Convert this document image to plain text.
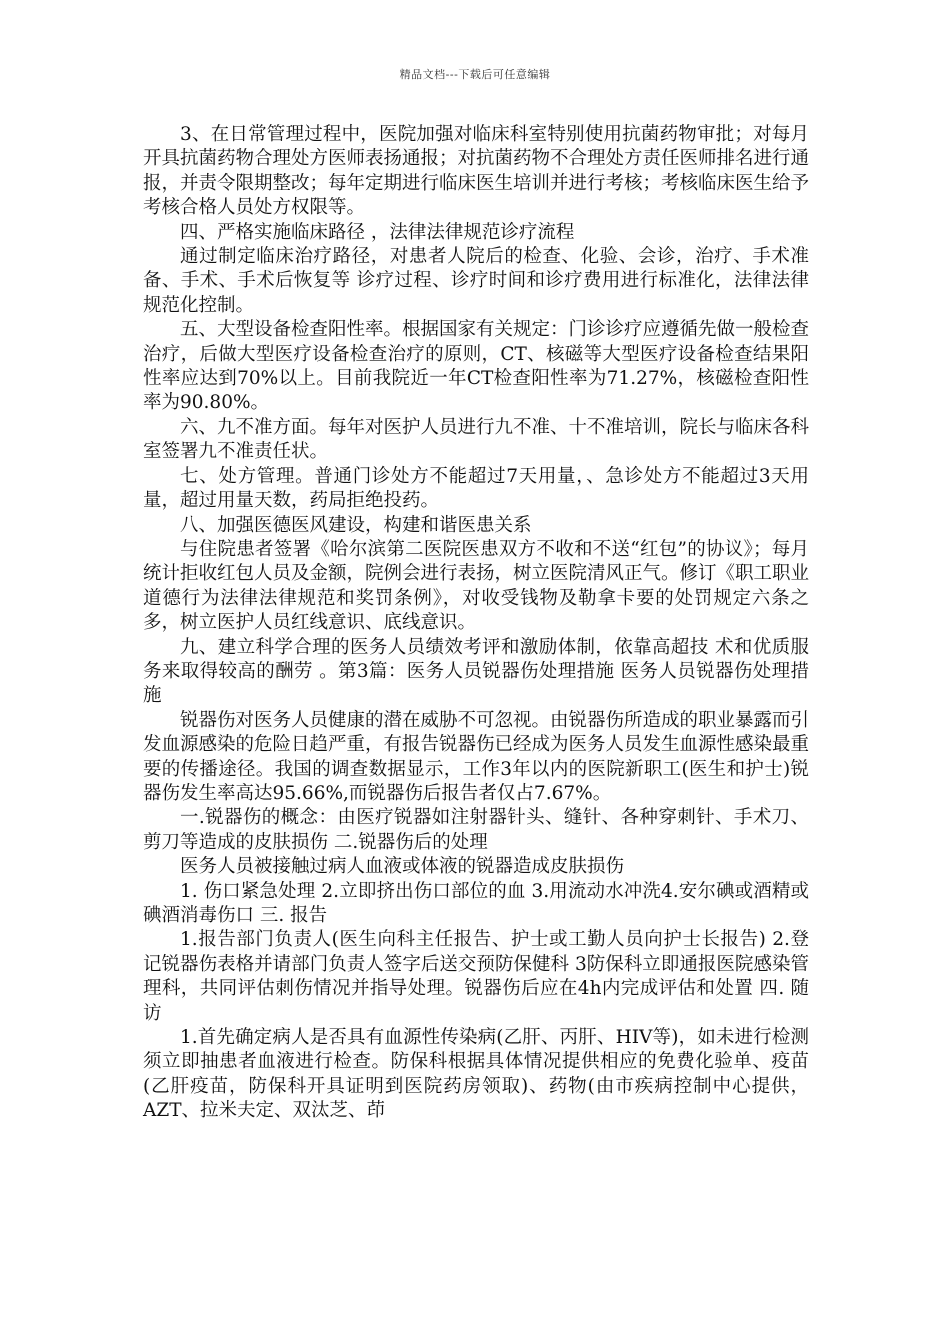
精品文档---下载后可任意编辑

3、在日常管理过程中，医院加强对临床科室特别使用抗菌药物审批；对每月开具抗菌药物合理处方医师表扬通报；对抗菌药物不合理处方责任医师排名进行通报，并责令限期整改；每年定期进行临床医生培训并进行考核；考核临床医生给予考核合格人员处方权限等。

四、严格实施临床路径 ，法律法律规范诊疗流程

通过制定临床治疗路径，对患者人院后的检查、化验、会诊，治疗、手术准备、手术、手术后恢复等 诊疗过程、诊疗时间和诊疗费用进行标准化，法律法律规范化控制。

五、大型设备检查阳性率。根据国家有关规定：门诊诊疗应遵循先做一般检查治疗，后做大型医疗设备检查治疗的原则，CT、核磁等大型医疗设备检查结果阳性率应达到70%以上。目前我院近一年CT检查阳性率为71.27%，核磁检查阳性率为90.80%。

六、九不准方面。每年对医护人员进行九不准、十不准培训，院长与临床各科室签署九不准责任状。

七、处方管理。普通门诊处方不能超过7天用量，、急诊处方不能超过3天用量，超过用量天数，药局拒绝投药。

八、加强医德医风建设，构建和谐医患关系

与住院患者签署《哈尔滨第二医院医患双方不收和不送“红包”的协议》；每月统计拒收红包人员及金额，院例会进行表扬，树立医院清风正气。修订《职工职业道德行为法律法律规范和奖罚条例》，对收受钱物及勒拿卡要的处罚规定六条之多，树立医护人员红线意识、底线意识。

九、建立科学合理的医务人员绩效考评和激励体制，依靠高超技 术和优质服务来取得较高的酬劳 。第3篇：医务人员锐器伤处理措施 医务人员锐器伤处理措施

锐器伤对医务人员健康的潜在威胁不可忽视。由锐器伤所造成的职业暴露而引发血源感染的危险日趋严重，有报告锐器伤已经成为医务人员发生血源性感染最重要的传播途径。我国的调查数据显示，工作3年以内的医院新职工(医生和护士)锐器伤发生率高达95.66%,而锐器伤后报告者仅占7.67%。

一.锐器伤的概念：由医疗锐器如注射器针头、缝针、各种穿刺针、手术刀、剪刀等造成的皮肤损伤 二.锐器伤后的处理

医务人员被接触过病人血液或体液的锐器造成皮肤损伤

1. 伤口紧急处理 2.立即挤出伤口部位的血 3.用流动水冲洗4.安尔碘或酒精或碘酒消毒伤口 三. 报告

1.报告部门负责人(医生向科主任报告、护士或工勤人员向护士长报告) 2.登记锐器伤表格并请部门负责人签字后送交预防保健科 3防保科立即通报医院感染管理科，共同评估刺伤情况并指导处理。锐器伤后应在4h内完成评估和处置 四. 随访

1.首先确定病人是否具有血源性传染病(乙肝、丙肝、HIV等)，如未进行检测须立即抽患者血液进行检查。防保科根据具体情况提供相应的免费化验单、疫苗(乙肝疫苗，防保科开具证明到医院药房领取)、药物(由市疾病控制中心提供，AZT、拉米夫定、双汰芝、茚
